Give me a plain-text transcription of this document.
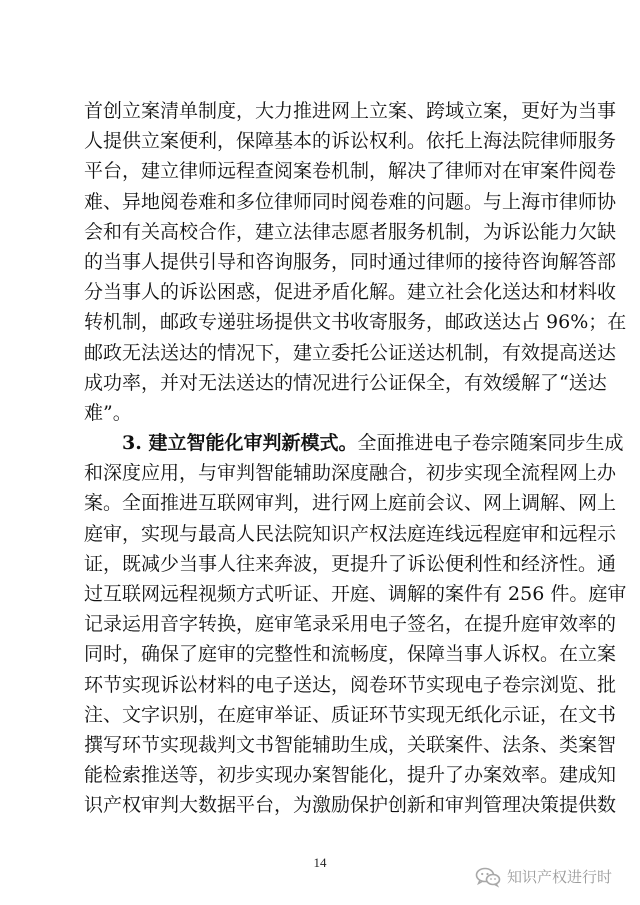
首创立案清单制度，大力推进网上立案、跨域立案，更好为当事
人提供立案便利，保障基本的诉讼权利。依托上海法院律师服务
平台，建立律师远程查阅案卷机制，解决了律师对在审案件阅卷
难、异地阅卷难和多位律师同时阅卷难的问题。与上海市律师协
会和有关高校合作，建立法律志愿者服务机制，为诉讼能力欠缺
的当事人提供引导和咨询服务，同时通过律师的接待咨询解答部
分当事人的诉讼困惑，促进矛盾化解。建立社会化送达和材料收
转机制，邮政专递驻场提供文书收寄服务，邮政送达占 96%；在
邮政无法送达的情况下，建立委托公证送达机制，有效提高送达
成功率，并对无法送达的情况进行公证保全，有效缓解了“送达
难”。
3. 建立智能化审判新模式。全面推进电子卷宗随案同步生成
和深度应用，与审判智能辅助深度融合，初步实现全流程网上办
案。全面推进互联网审判，进行网上庭前会议、网上调解、网上
庭审，实现与最高人民法院知识产权法庭连线远程庭审和远程示
证，既减少当事人往来奔波，更提升了诉讼便利性和经济性。通
过互联网远程视频方式听证、开庭、调解的案件有 256 件。庭审
记录运用音字转换，庭审笔录采用电子签名，在提升庭审效率的
同时，确保了庭审的完整性和流畅度，保障当事人诉权。在立案
环节实现诉讼材料的电子送达，阅卷环节实现电子卷宗浏览、批
注、文字识别，在庭审举证、质证环节实现无纸化示证，在文书
撰写环节实现裁判文书智能辅助生成，关联案件、法条、类案智
能检索推送等，初步实现办案智能化，提升了办案效率。建成知
识产权审判大数据平台，为激励保护创新和审判管理决策提供数
14
知识产权进行时
